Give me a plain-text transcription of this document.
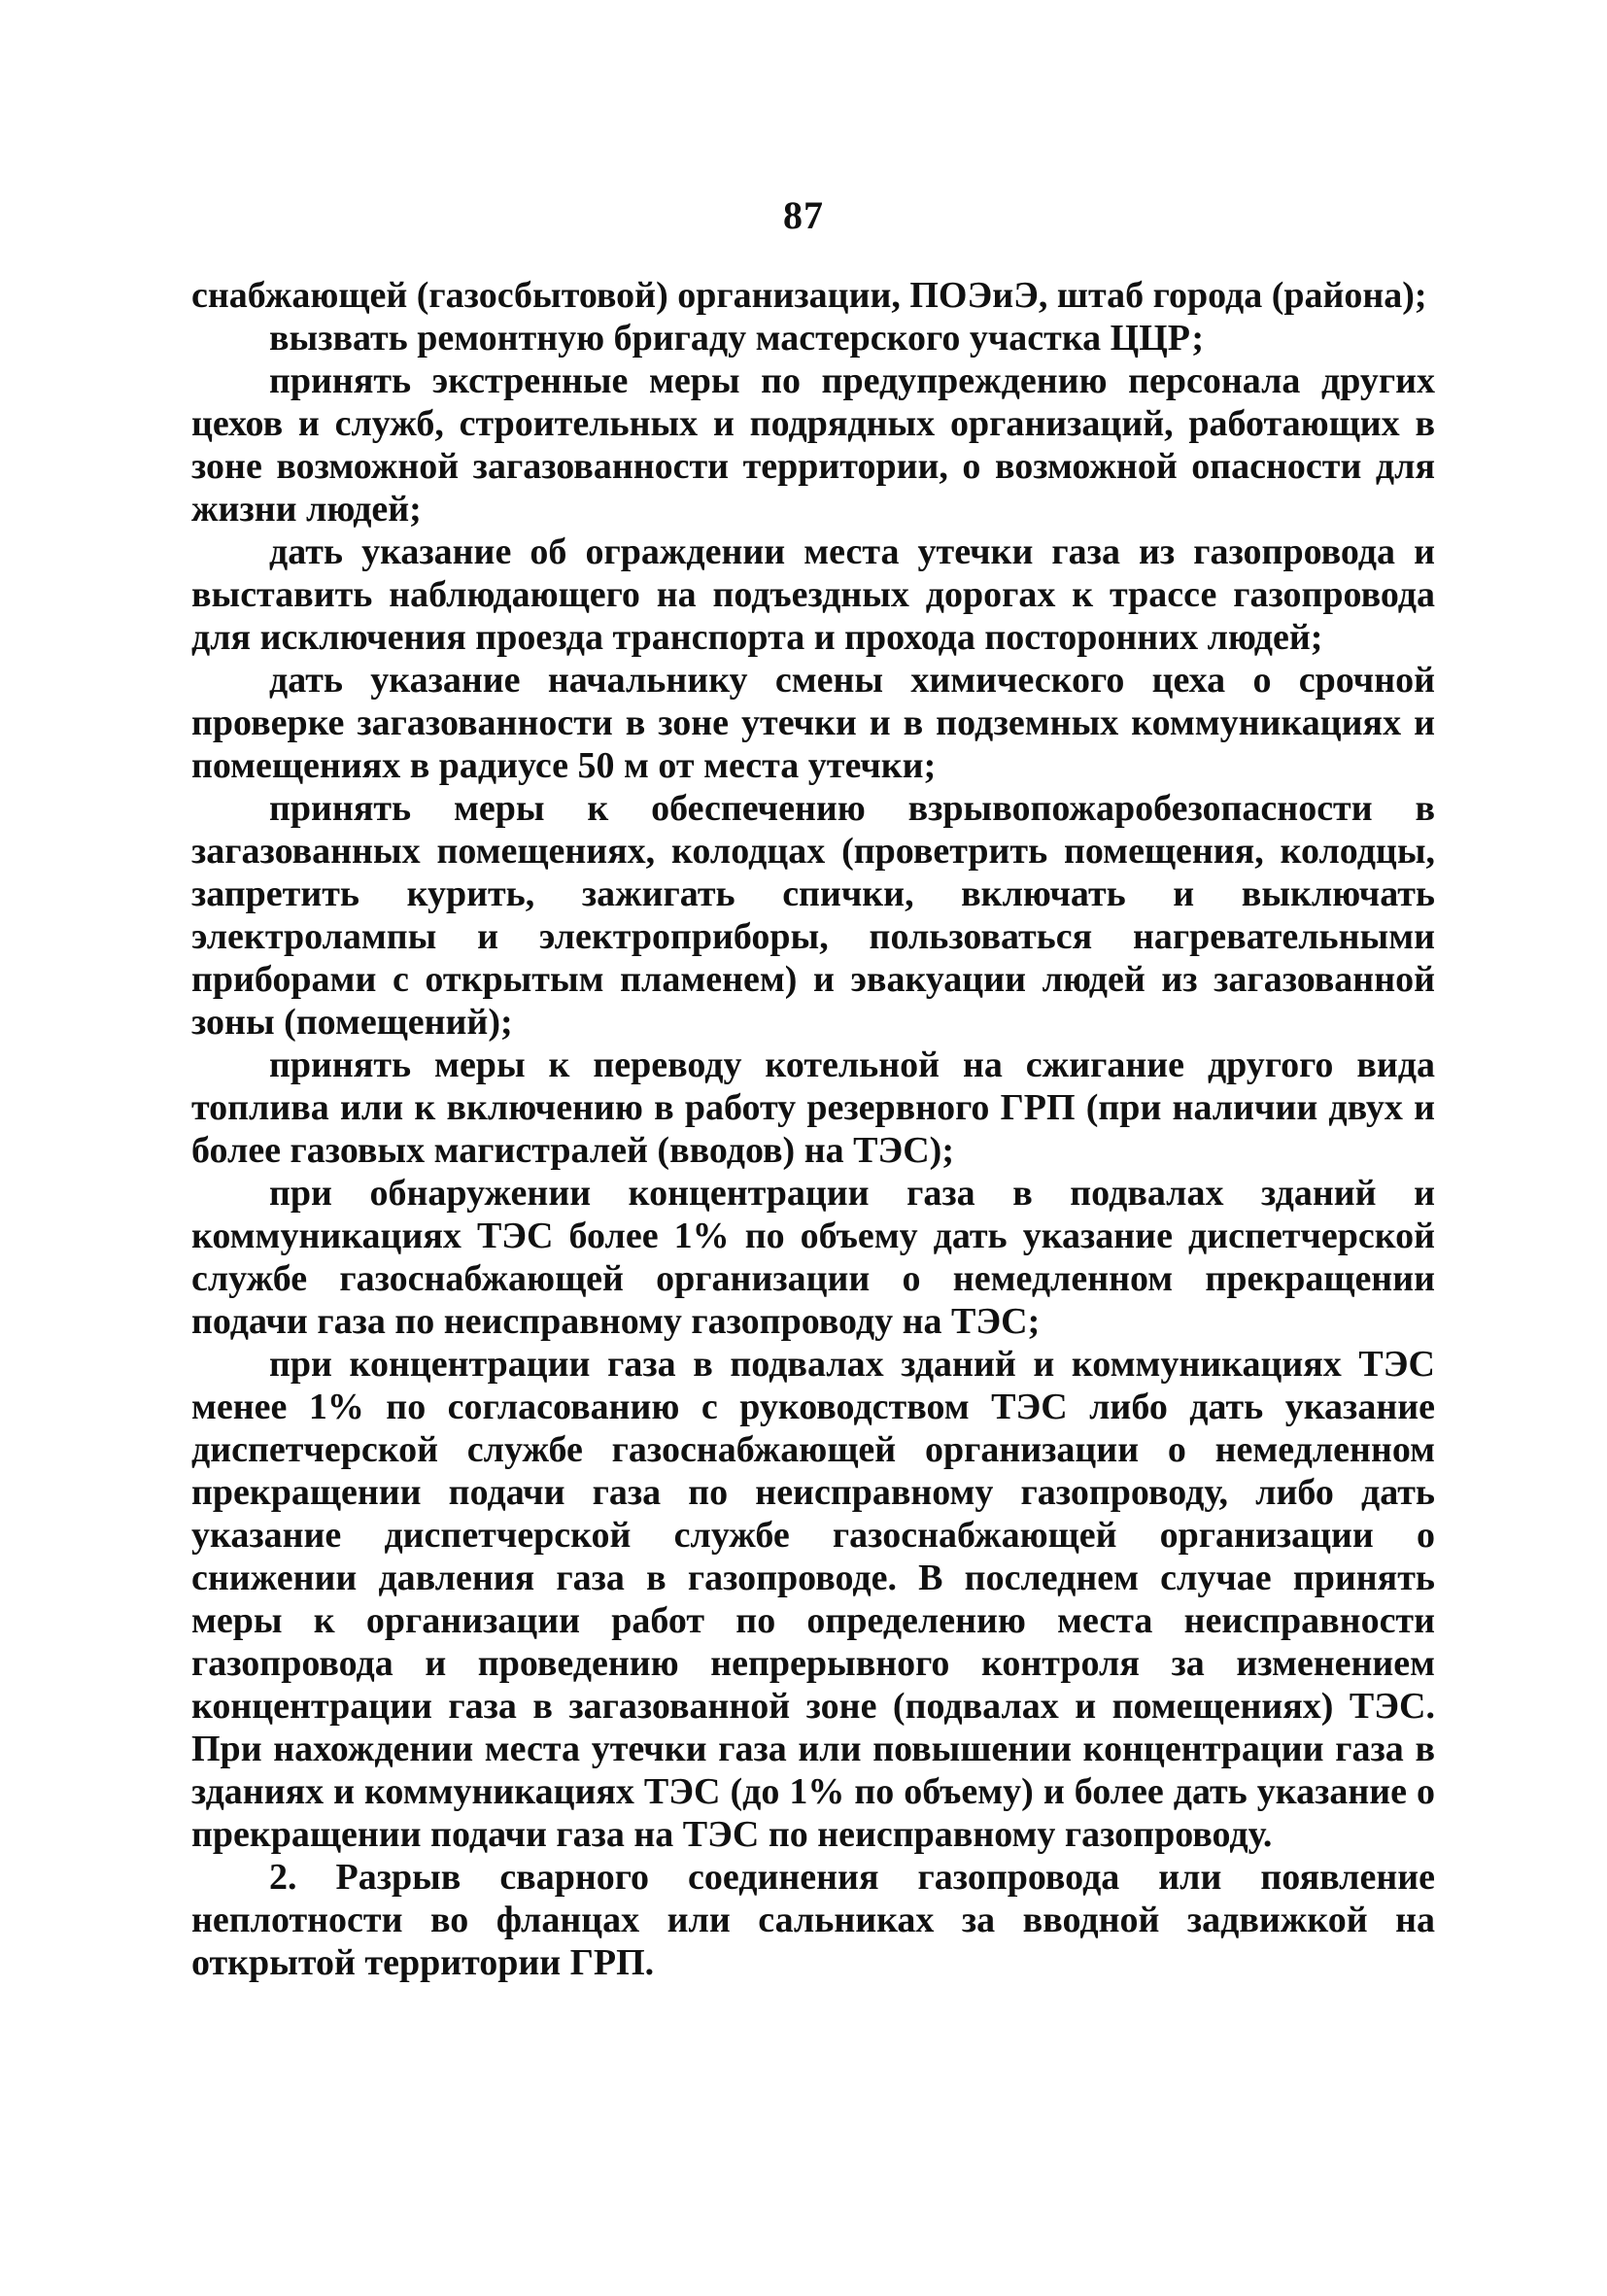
87

снабжающей (газосбытовой) организации, ПОЭиЭ, штаб города (района);

вызвать ремонтную бригаду мастерского участка ЦЦР;

принять экстренные меры по предупреждению персонала других цехов и служб, строительных и подрядных организаций, работающих в зоне возможной загазованности территории, о возможной опасности для жизни людей;

дать указание об ограждении места утечки газа из газопровода и выставить наблюдающего на подъездных дорогах к трассе газопровода для исключения проезда транспорта и прохода посторонних людей;

дать указание начальнику смены химического цеха о срочной проверке загазованности в зоне утечки и в подземных коммуникациях и помещениях в радиусе 50 м от места утечки;

принять меры к обеспечению взрывопожаробезопасности в загазованных помещениях, колодцах (проветрить помещения, колодцы, запретить курить, зажигать спички, включать и выключать электролампы и электроприборы, пользоваться нагревательными приборами с открытым пламенем) и эвакуации людей из загазованной зоны (помещений);

принять меры к переводу котельной на сжигание другого вида топлива или к включению в работу резервного ГРП (при наличии двух и более газовых магистралей (вводов) на ТЭС);

при обнаружении концентрации газа в подвалах зданий и коммуникациях ТЭС более 1% по объему дать указание диспетчерской службе газоснабжающей организации о немедленном прекращении подачи газа по неисправному газопроводу на ТЭС;

при концентрации газа в подвалах зданий и коммуникациях ТЭС менее 1% по согласованию с руководством ТЭС либо дать указание диспетчерской службе газоснабжающей организации о немедленном прекращении подачи газа по неисправному газопроводу, либо дать указание диспетчерской службе газоснабжающей организации о снижении давления газа в газопроводе. В последнем случае принять меры к организации работ по определению места неисправности газопровода и проведению непрерывного контроля за изменением концентрации газа в загазованной зоне (подвалах и помещениях) ТЭС. При нахождении места утечки газа или повышении концентрации газа в зданиях и коммуникациях ТЭС (до 1% по объему) и более дать указание о прекращении подачи газа на ТЭС по неисправному газопроводу.

2. Разрыв сварного соединения газопровода или появление неплотности во фланцах или сальниках за вводной задвижкой на открытой территории ГРП.
